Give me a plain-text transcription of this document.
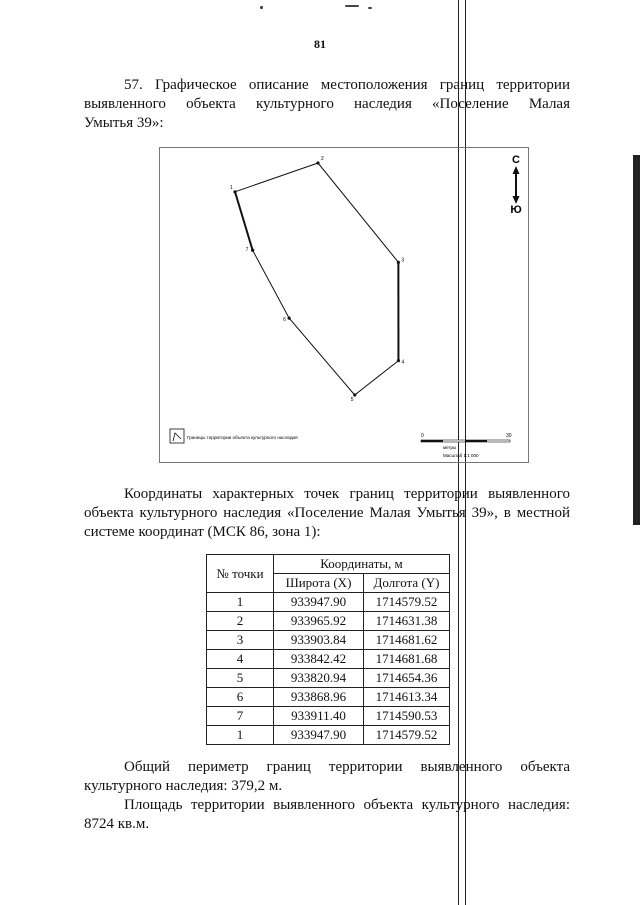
81
57. Графическое описание местоположения границ территории
выявленного объекта культурного наследия «Поселение Малая
Умытья 39»:
1
2
3
4
5
6
7
С
Ю
Границы территории объекта культурного наследия	0	30
метры
Масштаб 1:1 000
Координаты характерных точек границ территории выявленного
объекта культурного наследия «Поселение Малая Умытья 39», в местной
системе координат (МСК 86, зона 1):
№ точки	Координаты, м	
	Широта (X)	Долгота (Y)
1	933947.90	1714579.52
2	933965.92	1714631.38
3	933903.84	1714681.62
4	933842.42	1714681.68
5	933820.94	1714654.36
6	933868.96	1714613.34
7	933911.40	1714590.53
1	933947.90	1714579.52
Общий периметр границ территории выявленного объекта
культурного наследия: 379,2 м.
Площадь территории выявленного объекта культурного наследия:
8724 кв.м.
